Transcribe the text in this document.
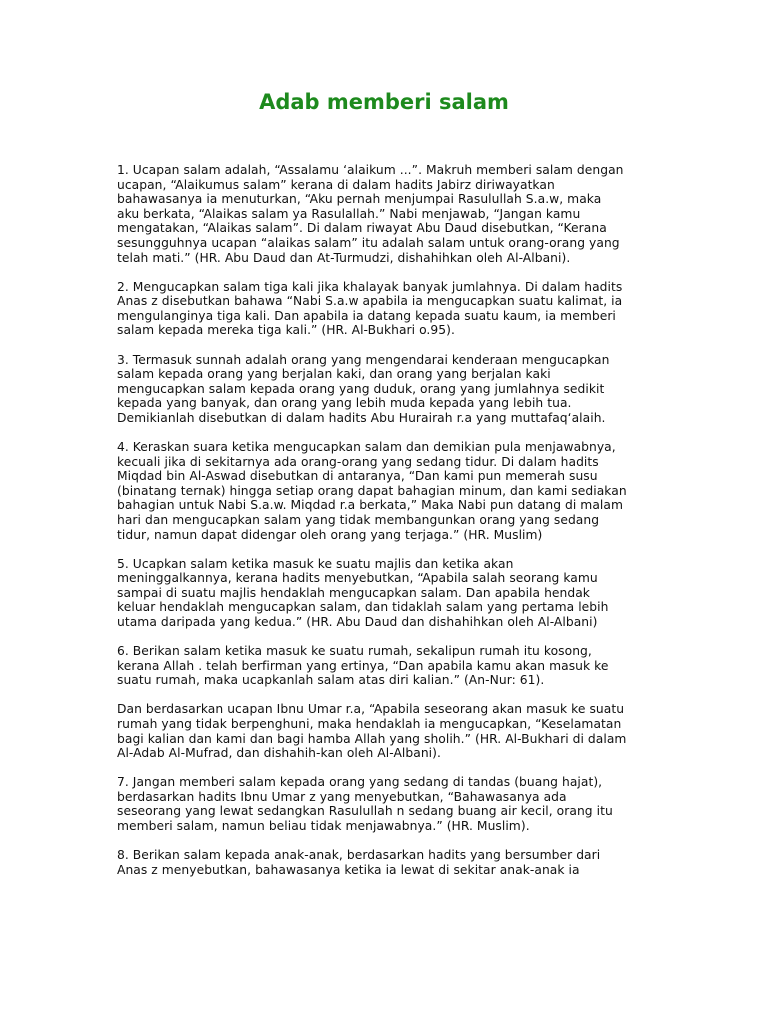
Adab memberi salam

1. Ucapan salam adalah, “Assalamu ‘alaikum ...”. Makruh memberi salam dengan
ucapan, “Alaikumus salam” kerana di dalam hadits Jabirz diriwayatkan
bahawasanya ia menuturkan, “Aku pernah menjumpai Rasulullah S.a.w, maka
aku berkata, “Alaikas salam ya Rasulallah.” Nabi menjawab, “Jangan kamu
mengatakan, “Alaikas salam”. Di dalam riwayat Abu Daud disebutkan, “Kerana
sesungguhnya ucapan “alaikas salam” itu adalah salam untuk orang-orang yang
telah mati.” (HR. Abu Daud dan At-Turmudzi, dishahihkan oleh Al-Albani).

2. Mengucapkan salam tiga kali jika khalayak banyak jumlahnya. Di dalam hadits
Anas z disebutkan bahawa “Nabi S.a.w apabila ia mengucapkan suatu kalimat, ia
mengulanginya tiga kali. Dan apabila ia datang kepada suatu kaum, ia memberi
salam kepada mereka tiga kali.” (HR. Al-Bukhari o.95).

3. Termasuk sunnah adalah orang yang mengendarai kenderaan mengucapkan
salam kepada orang yang berjalan kaki, dan orang yang berjalan kaki
mengucapkan salam kepada orang yang duduk, orang yang jumlahnya sedikit
kepada yang banyak, dan orang yang lebih muda kepada yang lebih tua.
Demikianlah disebutkan di dalam hadits Abu Hurairah r.a yang muttafaq‘alaih.

4. Keraskan suara ketika mengucapkan salam dan demikian pula menjawabnya,
kecuali jika di sekitarnya ada orang-orang yang sedang tidur. Di dalam hadits
Miqdad bin Al-Aswad disebutkan di antaranya, “Dan kami pun memerah susu
(binatang ternak) hingga setiap orang dapat bahagian minum, dan kami sediakan
bahagian untuk Nabi S.a.w. Miqdad r.a berkata,” Maka Nabi pun datang di malam
hari dan mengucapkan salam yang tidak membangunkan orang yang sedang
tidur, namun dapat didengar oleh orang yang terjaga.” (HR. Muslim)

5. Ucapkan salam ketika masuk ke suatu majlis dan ketika akan
meninggalkannya, kerana hadits menyebutkan, “Apabila salah seorang kamu
sampai di suatu majlis hendaklah mengucapkan salam. Dan apabila hendak
keluar hendaklah mengucapkan salam, dan tidaklah salam yang pertama lebih
utama daripada yang kedua.” (HR. Abu Daud dan dishahihkan oleh Al-Albani)

6. Berikan salam ketika masuk ke suatu rumah, sekalipun rumah itu kosong,
kerana Allah . telah berfirman yang ertinya, “Dan apabila kamu akan masuk ke
suatu rumah, maka ucapkanlah salam atas diri kalian.” (An-Nur: 61).

Dan berdasarkan ucapan Ibnu Umar r.a, “Apabila seseorang akan masuk ke suatu
rumah yang tidak berpenghuni, maka hendaklah ia mengucapkan, “Keselamatan
bagi kalian dan kami dan bagi hamba Allah yang sholih.” (HR. Al-Bukhari di dalam
Al-Adab Al-Mufrad, dan dishahih-kan oleh Al-Albani).

7. Jangan memberi salam kepada orang yang sedang di tandas (buang hajat),
berdasarkan hadits Ibnu Umar z yang menyebutkan, “Bahawasanya ada
seseorang yang lewat sedangkan Rasulullah n sedang buang air kecil, orang itu
memberi salam, namun beliau tidak menjawabnya.” (HR. Muslim).

8. Berikan salam kepada anak-anak, berdasarkan hadits yang bersumber dari
Anas z menyebutkan, bahawasanya ketika ia lewat di sekitar anak-anak ia
